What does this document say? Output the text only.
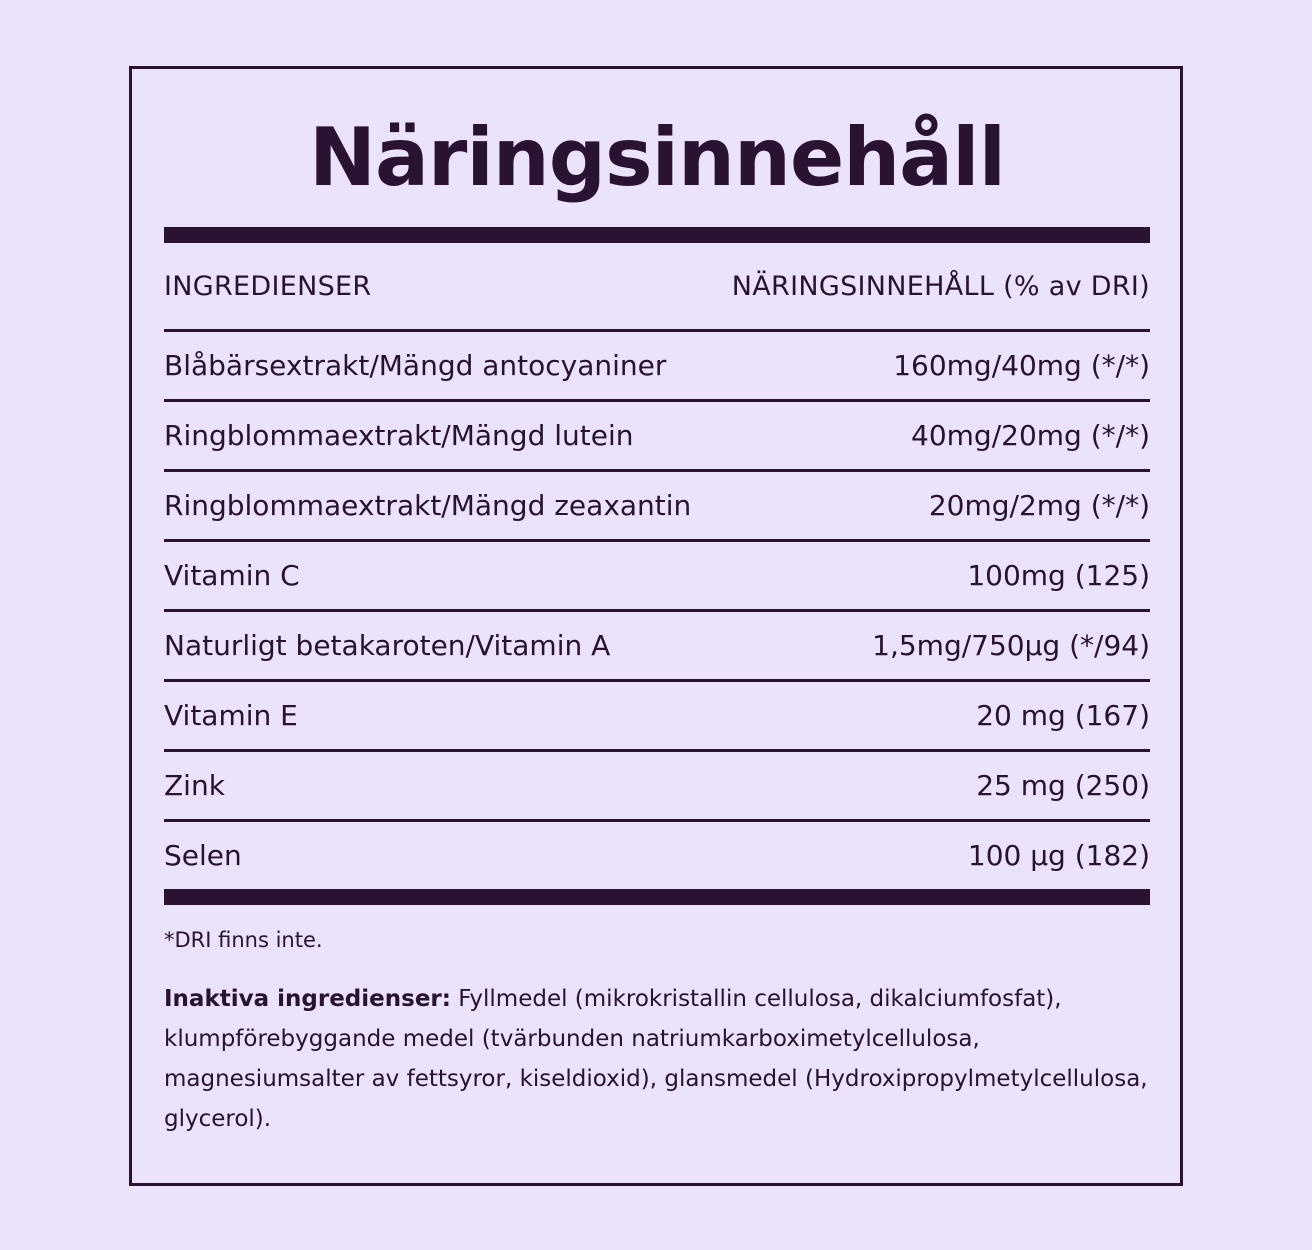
Näringsinnehåll
INGREDIENSER	NÄRINGSINNEHÅLL (% av DRI)
Blåbärsextrakt/Mängd antocyaniner	160mg/40mg (*/*)
Ringblommaextrakt/Mängd lutein	40mg/20mg (*/*)
Ringblommaextrakt/Mängd zeaxantin	20mg/2mg (*/*)
Vitamin C	100mg (125)
Naturligt betakaroten/Vitamin A	1,5mg/750µg (*/94)
Vitamin E	20 mg (167)
Zink	25 mg (250)
Selen	100 µg (182)
*DRI finns inte.
Inaktiva ingredienser: Fyllmedel (mikrokristallin cellulosa, dikalciumfosfat), klumpförebyggande medel (tvärbunden natriumkarboximetylcellulosa, magnesiumsalter av fettsyror, kiseldioxid), glansmedel (Hydroxipropylmetylcellulosa, glycerol).
